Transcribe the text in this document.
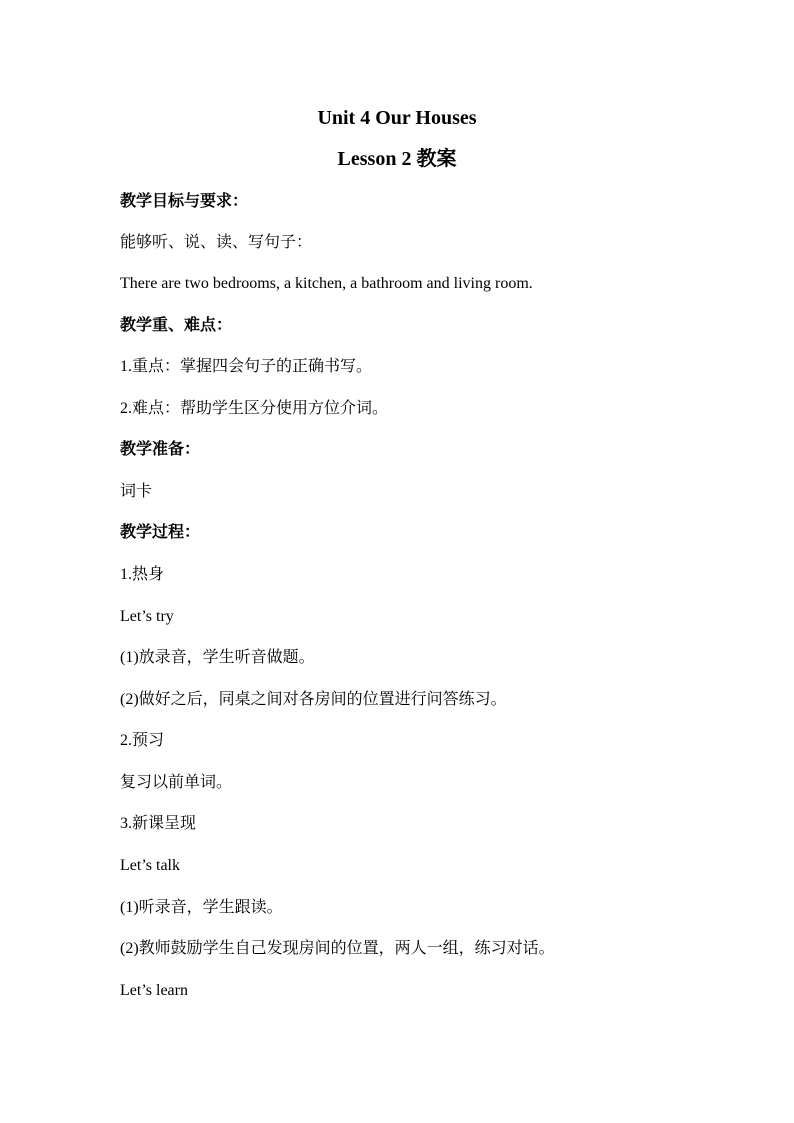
Unit 4 Our Houses
Lesson 2 教案
教学目标与要求：
能够听、说、读、写句子：
There are two bedrooms, a kitchen, a bathroom and living room.
教学重、难点：
1.重点：掌握四会句子的正确书写。
2.难点：帮助学生区分使用方位介词。
教学准备：
词卡
教学过程：
1.热身
Let’s try
(1)放录音，学生听音做题。
(2)做好之后，同桌之间对各房间的位置进行问答练习。
2.预习
复习以前单词。
3.新课呈现
Let’s talk
(1)听录音，学生跟读。
(2)教师鼓励学生自己发现房间的位置，两人一组，练习对话。
Let’s learn
